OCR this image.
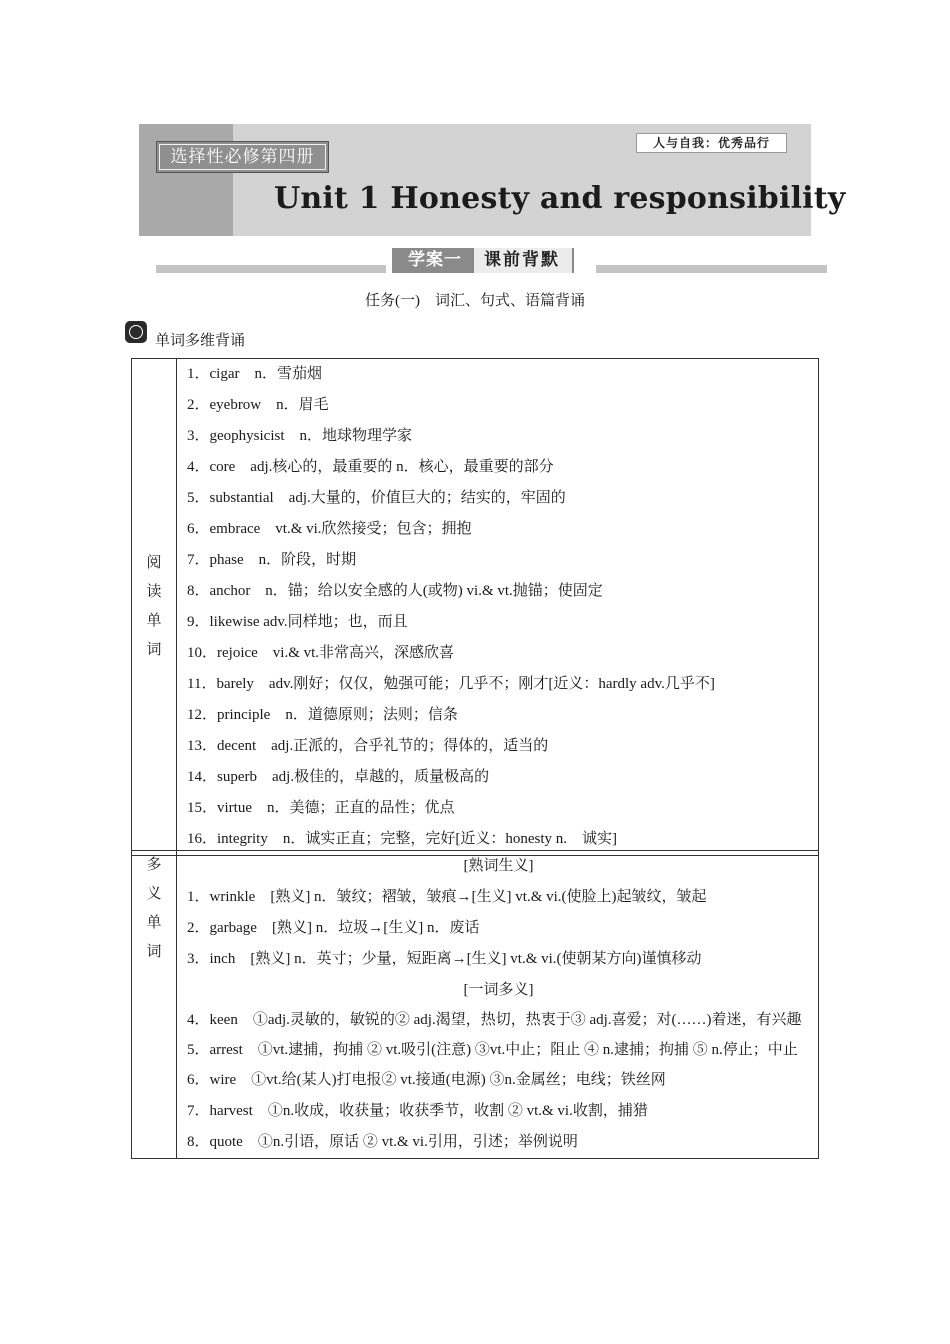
选择性必修第四册
人与自我：优秀品行
Unit 1 Honesty and responsibility
学案一	课前背默
任务(一)　词汇、句式、语篇背诵
单词多维背诵
阅
读
单
词

1．cigar　n．雪茄烟
2．eyebrow　n．眉毛
3．geophysicist　n．地球物理学家
4．core　adj.核心的，最重要的 n．核心，最重要的部分
5．substantial　adj.大量的，价值巨大的；结实的，牢固的
6．embrace　vt.& vi.欣然接受；包含；拥抱
7．phase　n．阶段，时期
8．anchor　n．锚；给以安全感的人(或物) vi.& vt.抛锚；使固定
9．likewise adv.同样地；也，而且
10．rejoice　vi.& vt.非常高兴，深感欣喜
11．barely　adv.刚好；仅仅，勉强可能；几乎不；刚才[近义：hardly adv.几乎不]
12．principle　n．道德原则；法则；信条
13．decent　adj.正派的，合乎礼节的；得体的，适当的
14．superb　adj.极佳的，卓越的，质量极高的
15．virtue　n．美德；正直的品性；优点
16．integrity　n．诚实正直；完整，完好[近义：honesty n.　诚实]
多
义
单
词

[熟词生义]
1．wrinkle　[熟义] n．皱纹；褶皱，皱痕→[生义] vt.& vi.(使脸上)起皱纹，皱起
2．garbage　[熟义] n．垃圾→[生义] n．废话
3．inch　[熟义] n．英寸；少量，短距离→[生义] vt.& vi.(使朝某方向)谨慎移动
[一词多义]
4．keen　①adj.灵敏的，敏锐的② adj.渴望，热切，热衷于③ adj.喜爱；对(……)着迷，有兴趣
5．arrest　①vt.逮捕，拘捕 ② vt.吸引(注意) ③vt.中止；阻止 ④ n.逮捕；拘捕 ⑤ n.停止；中止
6．wire　①vt.给(某人)打电报② vt.接通(电源) ③n.金属丝；电线；铁丝网
7．harvest　①n.收成，收获量；收获季节，收割 ② vt.& vi.收割，捕猎
8．quote　①n.引语，原话 ② vt.& vi.引用，引述；举例说明
